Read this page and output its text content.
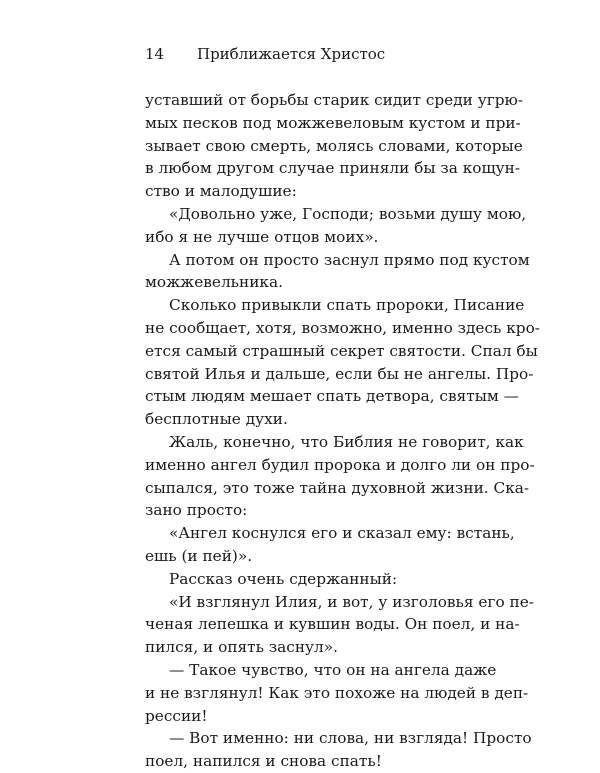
14 Приближается Христос
уставший от борьбы старик сидит среди угрю-
мых песков под можжевеловым кустом и при-
зывает свою смерть, молясь словами, которые
в любом другом случае приняли бы за кощун-
ство и малодушие:
«Довольно уже, Господи; возьми душу мою,
ибо я не лучше отцов моих».
А потом он просто заснул прямо под кустом
можжевельника.
Сколько привыкли спать пророки, Писание
не сообщает, хотя, возможно, именно здесь кро-
ется самый страшный секрет святости. Спал бы
святой Илья и дальше, если бы не ангелы. Про-
стым людям мешает спать детвора, святым —
бесплотные духи.
Жаль, конечно, что Библия не говорит, как
именно ангел будил пророка и долго ли он про-
сыпался, это тоже тайна духовной жизни. Ска-
зано просто:
«Ангел коснулся его и сказал ему: встань,
ешь (и пей)».
Рассказ очень сдержанный:
«И взглянул Илия, и вот, у изголовья его пе-
ченая лепешка и кувшин воды. Он поел, и на-
пился, и опять заснул».
— Такое чувство, что он на ангела даже
и не взглянул! Как это похоже на людей в деп-
рессии!
— Вот именно: ни слова, ни взгляда! Просто
поел, напился и снова спать!
